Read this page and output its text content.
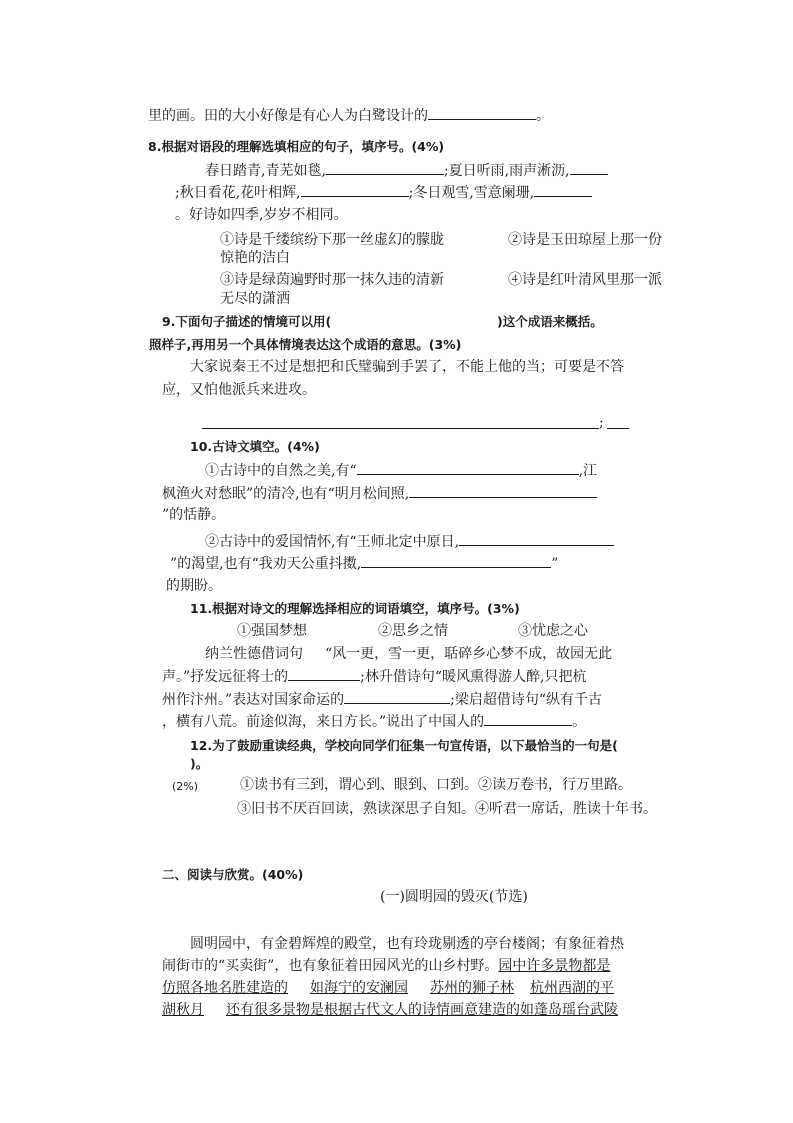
里的画。田的大小好像是有心人为白鹭设计的	。
8.根据对语段的理解选填相应的句子，填序号。(4%)
春日踏青,青芜如毯,	;夏日听雨,雨声淅沥,
;秋日看花,花叶相辉,	;冬日观雪,雪意阑珊,
。好诗如四季,岁岁不相同。
①诗是千缕缤纷下那一丝虚幻的朦胧	②诗是玉田琼屋上那一份
惊艳的洁白
③诗是绿茵遍野时那一抹久违的清新	④诗是红叶清风里那一派
无尽的潇洒
9.下面句子描述的情境可以用(	)这个成语来概括。
照样子,再用另一个具体情境表达这个成语的意思。(3%)
大家说秦王不过是想把和氏璧骗到手罢了，不能上他的当；可要是不答
应，又怕他派兵来进攻。
;
10.古诗文填空。(4%)
①古诗中的自然之美,有“	,江
枫渔火对愁眠”的清冷,也有“明月松间照,
”的恬静。
②古诗中的爱国情怀,有“王师北定中原日,
”的渴望,也有“我劝天公重抖擞,	”
的期盼。
11.根据对诗文的理解选择相应的词语填空，填序号。(3%)
①强国梦想	②思乡之情	③忧虑之心
纳兰性德借词句 “风一更，雪一更，聒碎乡心梦不成，故园无此
声。”抒发远征将士的	;林升借诗句“暖风熏得游人醉,只把杭
州作汴州。”表达对国家命运的	;梁启超借诗句“纵有千古
，横有八荒。前途似海，来日方长。”说出了中国人的	。
12.为了鼓励重读经典，学校向同学们征集一句宣传语，以下最恰当的一句是(
)。
(2%)	①读书有三到，谓心到、眼到、口到。②读万卷书，行万里路。
③旧书不厌百回读，熟读深思子自知。④听君一席话，胜读十年书。
二、阅读与欣赏。(40%)
(一)圆明园的毁灭(节选)
圆明园中，有金碧辉煌的殿堂，也有玲珑剔透的亭台楼阁；有象征着热
闹街市的“买卖街”，也有象征着田园风光的山乡村野。园中许多景物都是
仿照各地名胜建造的 如海宁的安澜园 苏州的狮子林 杭州西湖的平
湖秋月 还有很多景物是根据古代文人的诗情画意建造的如蓬岛瑶台武陵
